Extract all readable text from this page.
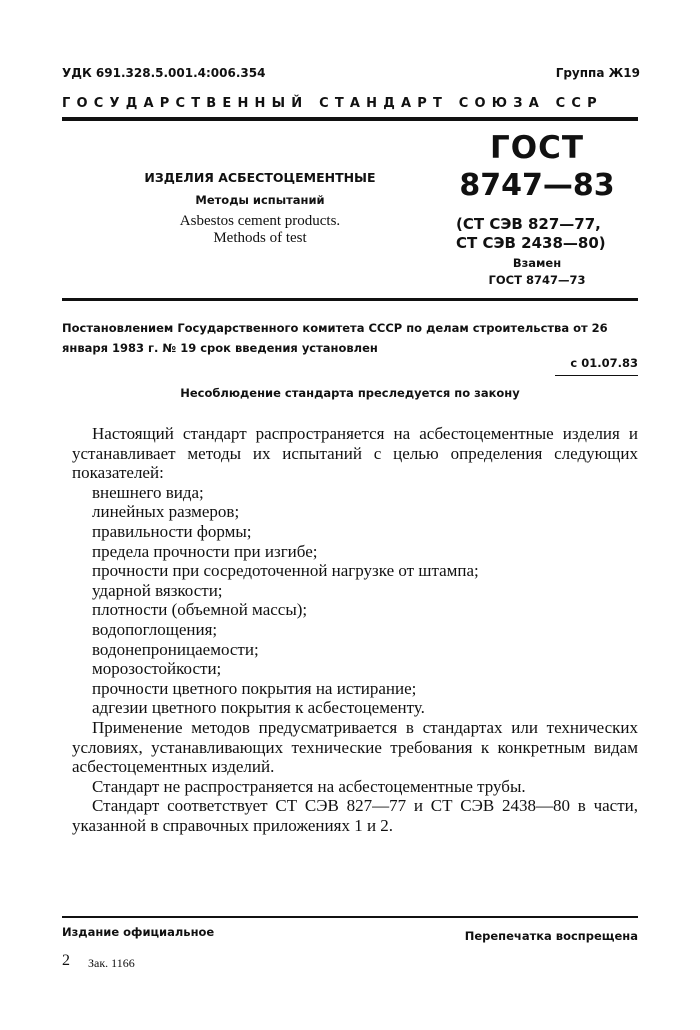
УДК 691.328.5.001.4:006.354	Группа Ж19
ГОСУДАРСТВЕННЫЙ СТАНДАРТ СОЮЗА ССР
ИЗДЕЛИЯ АСБЕСТОЦЕМЕНТНЫЕ
Методы испытаний
Asbestos cement products.
Methods of test
ГОСТ
8747—83
(СТ СЭВ 827—77,
СТ СЭВ 2438—80)
Взамен
ГОСТ 8747—73
Постановлением Государственного комитета СССР по делам строительства от 26 января 1983 г. № 19 срок введения установлен
с 01.07.83
Несоблюдение стандарта преследуется по закону

Настоящий стандарт распространяется на асбестоцементные изделия и устанавливает методы их испытаний с целью определения следующих показателей:

внешнего вида;

линейных размеров;

правильности формы;

предела прочности при изгибе;

прочности при сосредоточенной нагрузке от штампа;

ударной вязкости;

плотности (объемной массы);

водопоглощения;

водонепроницаемости;

морозостойкости;

прочности цветного покрытия на истирание;

адгезии цветного покрытия к асбестоцементу.

Применение методов предусматривается в стандартах или технических условиях, устанавливающих технические требования к конкретным видам асбестоцементных изделий.

Стандарт не распространяется на асбестоцементные трубы.

Стандарт соответствует СТ СЭВ 827—77 и СТ СЭВ 2438—80 в части, указанной в справочных приложениях 1 и 2.

Издание официальное	Перепечатка воспрещена
2 Зак. 1166
